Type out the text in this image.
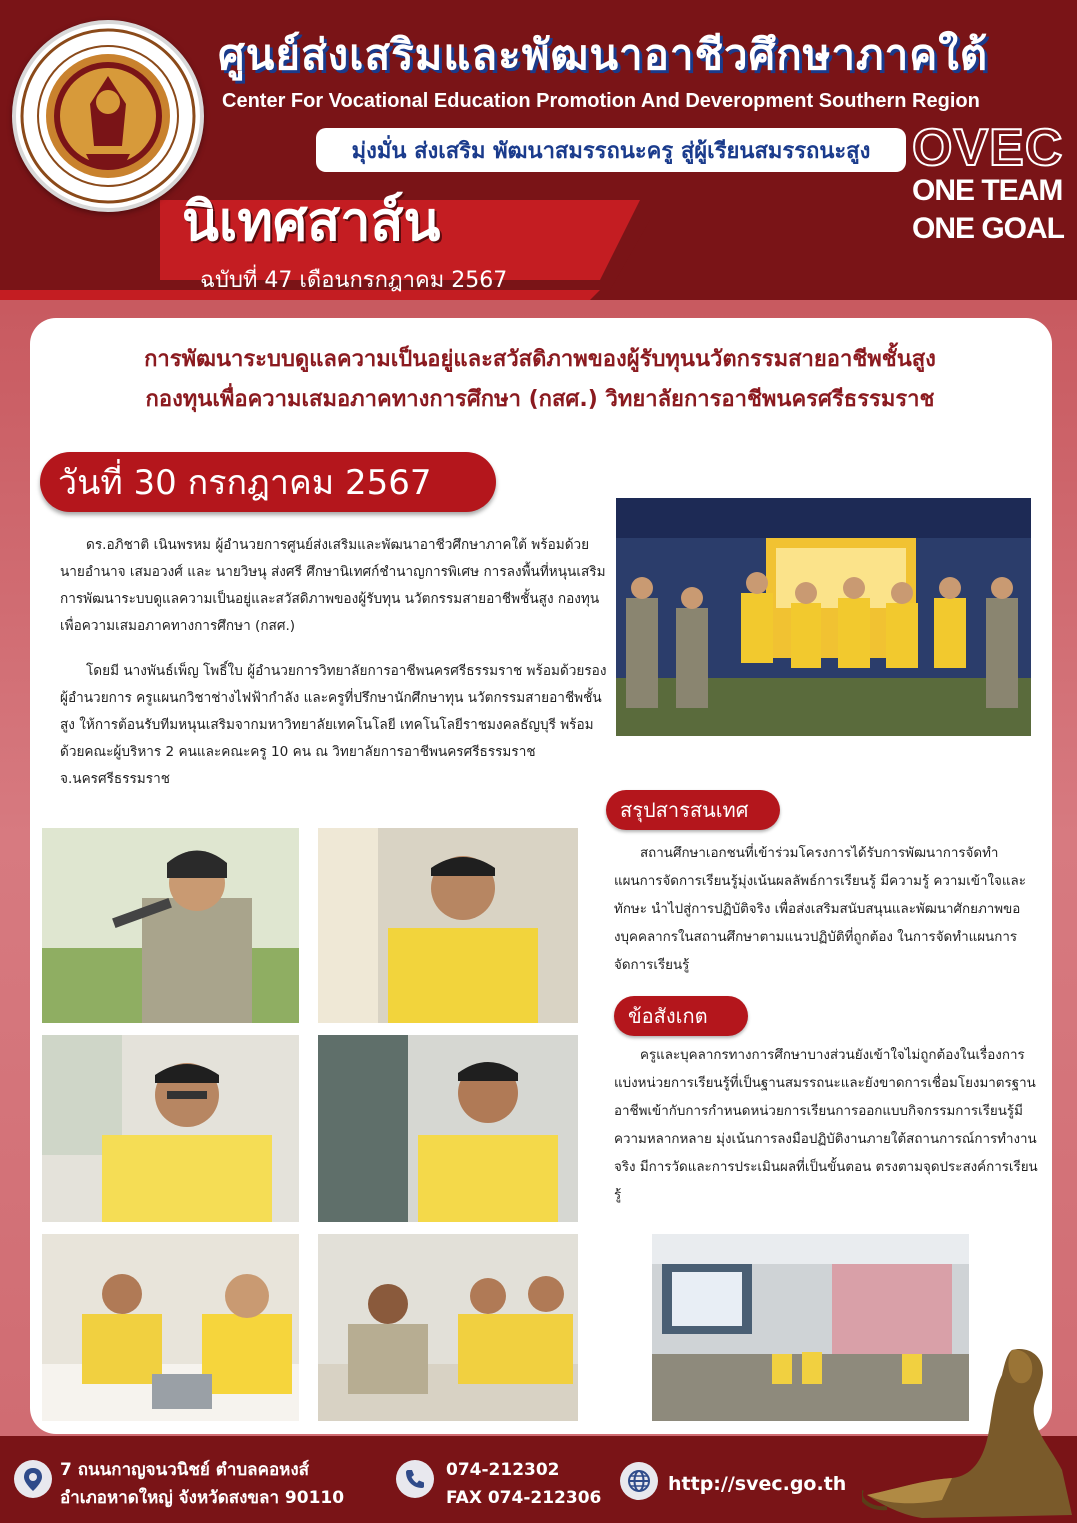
ศูนย์ส่งเสริมและพัฒนาอาชีวศึกษาภาคใต้
Center For Vocational Education Promotion And Deveropment Southern Region
มุ่งมั่น ส่งเสริม พัฒนาสมรรถนะครู สู่ผู้เรียนสมรรถนะสูง OVEC
ONE TEAM
ONE GOAL
นิเทศสาส์น
ฉบับที่ 47 เดือนกรกฎาคม 2567
การพัฒนาระบบดูแลความเป็นอยู่และสวัสดิภาพของผู้รับทุนนวัตกรรมสายอาชีพชั้นสูง
กองทุนเพื่อความเสมอภาคทางการศึกษา (กสศ.) วิทยาลัยการอาชีพนครศรีธรรมราช
วันที่ 30 กรกฎาคม 2567

ดร.อภิชาติ เนินพรหม ผู้อำนวยการศูนย์ส่งเสริมและพัฒนาอาชีวศึกษาภาคใต้ พร้อมด้วย นายอำนาจ เสมอวงศ์ และ นายวิษนุ ส่งศรี ศึกษานิเทศก์ชำนาญการพิเศษ การลงพื้นที่หนุนเสริมการพัฒนาระบบดูแลความเป็นอยู่และสวัสดิภาพของผู้รับทุน นวัตกรรมสายอาชีพชั้นสูง กองทุนเพื่อความเสมอภาคทางการศึกษา (กสศ.)

โดยมี นางพันธ์เพ็ญ โพธิ์ใบ ผู้อำนวยการวิทยาลัยการอาชีพนครศรีธรรมราช พร้อมด้วยรองผู้อำนวยการ ครูแผนกวิชาช่างไฟฟ้ากำลัง และครูที่ปรึกษานักศึกษาทุน นวัตกรรมสายอาชีพชั้นสูง ให้การต้อนรับทีมหนุนเสริมจากมหาวิทยาลัยเทคโนโลยี เทคโนโลยีราชมงคลธัญบุรี พร้อมด้วยคณะผู้บริหาร 2 คนและคณะครู 10 คน ณ วิทยาลัยการอาชีพนครศรีธรรมราช จ.นครศรีธรรมราช

สรุปสารสนเทศ

สถานศึกษาเอกชนที่เข้าร่วมโครงการได้รับการพัฒนาการจัดทำแผนการจัดการเรียนรู้มุ่งเน้นผลลัพธ์การเรียนรู้ มีความรู้ ความเข้าใจและทักษะ นำไปสู่การปฏิบัติจริง เพื่อส่งเสริมสนับสนุนและพัฒนาศักยภาพของบุคคลากรในสถานศึกษาตามแนวปฏิบัติที่ถูกต้อง ในการจัดทำแผนการจัดการเรียนรู้

ข้อสังเกต

ครูและบุคลากรทางการศึกษาบางส่วนยังเข้าใจไม่ถูกต้องในเรื่องการแบ่งหน่วยการเรียนรู้ที่เป็นฐานสมรรถนะและยังขาดการเชื่อมโยงมาตรฐานอาชีพเข้ากับการกำหนดหน่วยการเรียนการออกแบบกิจกรรมการเรียนรู้มีความหลากหลาย มุ่งเน้นการลงมือปฏิบัติงานภายใต้สถานการณ์การทำงานจริง มีการวัดและการประเมินผลที่เป็นขั้นตอน ตรงตามจุดประสงค์การเรียนรู้

7 ถนนกาญจนวนิชย์ ตำบลคอหงส์
อำเภอหาดใหญ่ จังหวัดสงขลา 90110
074-212302
FAX 074-212306
http://svec.go.th
